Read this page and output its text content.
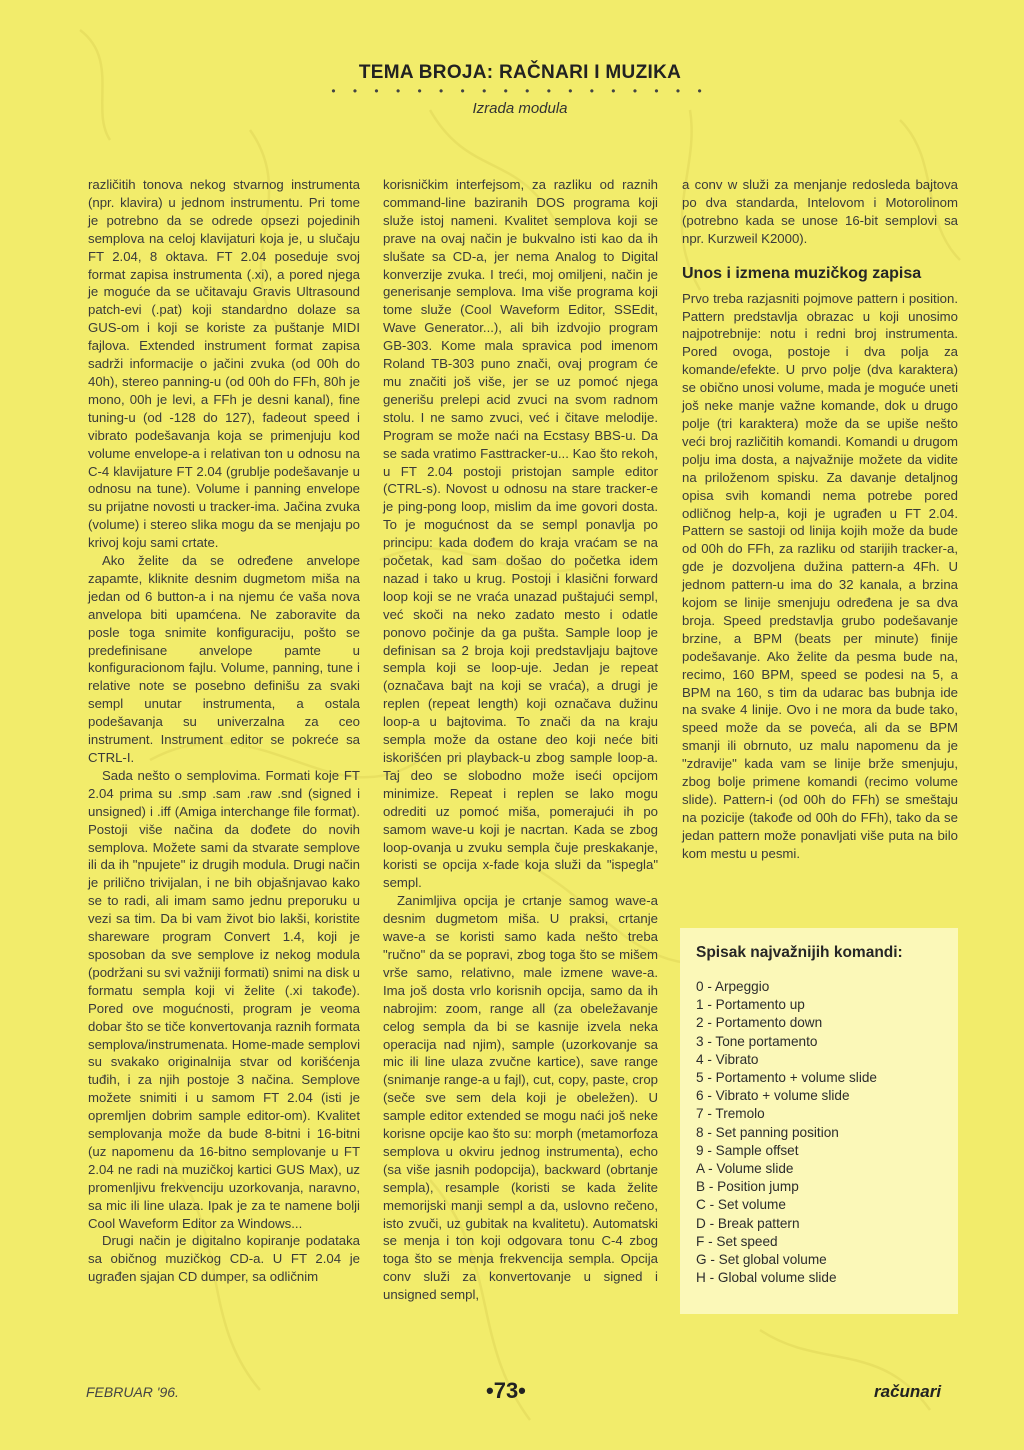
TEMA BROJA: RAČNARI I MUZIKA
• • • • • • • • • • • • • • • • • •
Izrada modula

različitih tonova nekog stvarnog instrumenta (npr. klavira) u jednom instrumentu. Pri tome je potrebno da se odrede opsezi pojedinih semplova na celoj klavijaturi koja je, u slučaju FT 2.04, 8 oktava. FT 2.04 poseduje svoj format zapisa instrumenta (.xi), a pored njega je moguće da se učitavaju Gravis Ultrasound patch-evi (.pat) koji standardno dolaze sa GUS-om i koji se koriste za puštanje MIDI fajlova. Extended instrument format zapisa sadrži informacije o jačini zvuka (od 00h do 40h), stereo panning-u (od 00h do FFh, 80h je mono, 00h je levi, a FFh je desni kanal), fine tuning-u (od -128 do 127), fadeout speed i vibrato podešavanja koja se primenjuju kod volume envelope-a i relativan ton u odnosu na C-4 klavijature FT 2.04 (grublje podešavanje u odnosu na tune). Volume i panning envelope su prijatne novosti u tracker-ima. Jačina zvuka (volume) i stereo slika mogu da se menjaju po krivoj koju sami crtate.

Ako želite da se određene anvelope zapamte, kliknite desnim dugmetom miša na jedan od 6 button-a i na njemu će vaša nova anvelopa biti upamćena. Ne zaboravite da posle toga snimite konfiguraciju, pošto se predefinisane anvelope pamte u konfiguracionom fajlu. Volume, panning, tune i relative note se posebno definišu za svaki sempl unutar instrumenta, a ostala podešavanja su univerzalna za ceo instrument. Instrument editor se pokreće sa CTRL-I.

Sada nešto o semplovima. Formati koje FT 2.04 prima su .smp .sam .raw .snd (signed i unsigned) i .iff (Amiga interchange file format). Postoji više načina da dođete do novih semplova. Možete sami da stvarate semplove ili da ih "npujete" iz drugih modula. Drugi način je prilično trivijalan, i ne bih objašnjavao kako se to radi, ali imam samo jednu preporuku u vezi sa tim. Da bi vam život bio lakši, koristite shareware program Convert 1.4, koji je sposoban da sve semplove iz nekog modula (podržani su svi važniji formati) snimi na disk u formatu sempla koji vi želite (.xi takođe). Pored ove mogućnosti, program je veoma dobar što se tiče konvertovanja raznih formata semplova/instrumenata. Home-made semplovi su svakako originalnija stvar od korišćenja tuđih, i za njih postoje 3 načina. Semplove možete snimiti i u samom FT 2.04 (isti je opremljen dobrim sample editor-om). Kvalitet semplovanja može da bude 8-bitni i 16-bitni (uz napomenu da 16-bitno semplovanje u FT 2.04 ne radi na muzičkoj kartici GUS Max), uz promenljivu frekvenciju uzorkovanja, naravno, sa mic ili line ulaza. Ipak je za te namene bolji Cool Waveform Editor za Windows...

Drugi način je digitalno kopiranje podataka sa običnog muzičkog CD-a. U FT 2.04 je ugrađen sjajan CD dumper, sa odličnim

korisničkim interfejsom, za razliku od raznih command-line baziranih DOS programa koji služe istoj nameni. Kvalitet semplova koji se prave na ovaj način je bukvalno isti kao da ih slušate sa CD-a, jer nema Analog to Digital konverzije zvuka. I treći, moj omiljeni, način je generisanje semplova. Ima više programa koji tome služe (Cool Waveform Editor, SSEdit, Wave Generator...), ali bih izdvojio program GB-303. Kome mala spravica pod imenom Roland TB-303 puno znači, ovaj program će mu značiti još više, jer se uz pomoć njega generišu prelepi acid zvuci na svom radnom stolu. I ne samo zvuci, već i čitave melodije. Program se može naći na Ecstasy BBS-u. Da se sada vratimo Fasttracker-u... Kao što rekoh, u FT 2.04 postoji pristojan sample editor (CTRL-s). Novost u odnosu na stare tracker-e je ping-pong loop, mislim da ime govori dosta. To je mogućnost da se sempl ponavlja po principu: kada dođem do kraja vraćam se na početak, kad sam došao do početka idem nazad i tako u krug. Postoji i klasični forward loop koji se ne vraća unazad puštajući sempl, već skoči na neko zadato mesto i odatle ponovo počinje da ga pušta. Sample loop je definisan sa 2 broja koji predstavljaju bajtove sempla koji se loop-uje. Jedan je repeat (označava bajt na koji se vraća), a drugi je replen (repeat length) koji označava dužinu loop-a u bajtovima. To znači da na kraju sempla može da ostane deo koji neće biti iskorišćen pri playback-u zbog sample loop-a. Taj deo se slobodno može iseći opcijom minimize. Repeat i replen se lako mogu odrediti uz pomoć miša, pomerajući ih po samom wave-u koji je nacrtan. Kada se zbog loop-ovanja u zvuku sempla čuje preskakanje, koristi se opcija x-fade koja služi da "ispegla" sempl.

Zanimljiva opcija je crtanje samog wave-a desnim dugmetom miša. U praksi, crtanje wave-a se koristi samo kada nešto treba "ručno" da se popravi, zbog toga što se mišem vrše samo, relativno, male izmene wave-a. Ima još dosta vrlo korisnih opcija, samo da ih nabrojim: zoom, range all (za obeležavanje celog sempla da bi se kasnije izvela neka operacija nad njim), sample (uzorkovanje sa mic ili line ulaza zvučne kartice), save range (snimanje range-a u fajl), cut, copy, paste, crop (seče sve sem dela koji je obeležen). U sample editor extended se mogu naći još neke korisne opcije kao što su: morph (metamorfoza semplova u okviru jednog instrumenta), echo (sa više jasnih podopcija), backward (obrtanje sempla), resample (koristi se kada želite memorijski manji sempl a da, uslovno rečeno, isto zvuči, uz gubitak na kvalitetu). Automatski se menja i ton koji odgovara tonu C-4 zbog toga što se menja frekvencija sempla. Opcija conv služi za konvertovanje u signed i unsigned sempl,

a conv w služi za menjanje redosleda bajtova po dva standarda, Intelovom i Motorolinom (potrebno kada se unose 16-bit semplovi sa npr. Kurzweil K2000).

Unos i izmena muzičkog zapisa

Prvo treba razjasniti pojmove pattern i position. Pattern predstavlja obrazac u koji unosimo najpotrebnije: notu i redni broj instrumenta. Pored ovoga, postoje i dva polja za komande/efekte. U prvo polje (dva karaktera) se obično unosi volume, mada je moguće uneti još neke manje važne komande, dok u drugo polje (tri karaktera) može da se upiše nešto veći broj različitih komandi. Komandi u drugom polju ima dosta, a najvažnije možete da vidite na priloženom spisku. Za davanje detaljnog opisa svih komandi nema potrebe pored odličnog help-a, koji je ugrađen u FT 2.04. Pattern se sastoji od linija kojih može da bude od 00h do FFh, za razliku od starijih tracker-a, gde je dozvoljena dužina pattern-a 4Fh. U jednom pattern-u ima do 32 kanala, a brzina kojom se linije smenjuju određena je sa dva broja. Speed predstavlja grubo podešavanje brzine, a BPM (beats per minute) finije podešavanje. Ako želite da pesma bude na, recimo, 160 BPM, speed se podesi na 5, a BPM na 160, s tim da udarac bas bubnja ide na svake 4 linije. Ovo i ne mora da bude tako, speed može da se poveća, ali da se BPM smanji ili obrnuto, uz malu napomenu da je "zdravije" kada vam se linije brže smenjuju, zbog bolje primene komandi (recimo volume slide). Pattern-i (od 00h do FFh) se smeštaju na pozicije (takođe od 00h do FFh), tako da se jedan pattern može ponavljati više puta na bilo kom mestu u pesmi.

Spisak najvažnijih komandi:
0 - Arpeggio
1 - Portamento up
2 - Portamento down
3 - Tone portamento
4 - Vibrato
5 - Portamento + volume slide
6 - Vibrato + volume slide
7 - Tremolo
8 - Set panning position
9 - Sample offset
A - Volume slide
B - Position jump
C - Set volume
D - Break pattern
F - Set speed
G - Set global volume
H - Global volume slide
FEBRUAR '96.	•73•	računari
